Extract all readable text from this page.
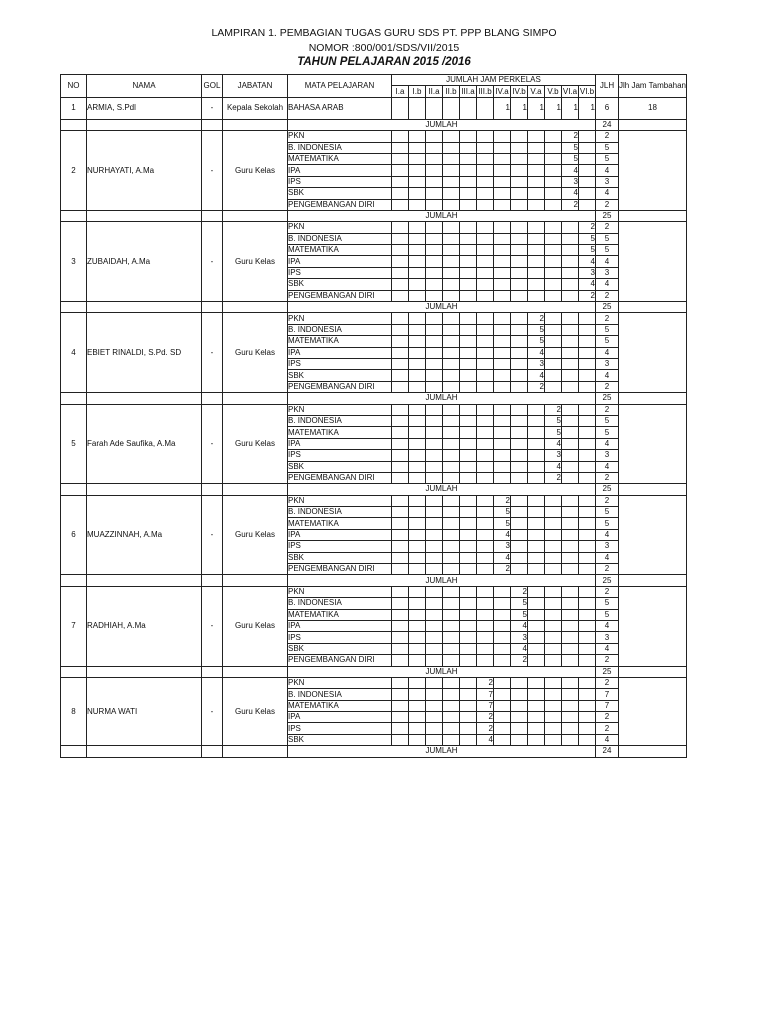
LAMPIRAN 1. PEMBAGIAN TUGAS GURU SDS PT. PPP BLANG SIMPO
NOMOR :800/001/SDS/VII/2015
TAHUN PELAJARAN 2015 /2016
NO	NAMA	GOL	JABATAN	MATA PELAJARAN	JUMLAH JAM PERKELAS												JLH	Jlh Jam Tambahan
					I.a	I.b	II.a	II.b	III.a	III.b	IV.a	IV.b	V.a	V.b	VI.a	VI.b		
1	ARMIA, S.Pdl	-	Kepala Sekolah	BAHASA ARAB							1	1	1	1	1	1	6	18
				JUMLAH													24	
2	NURHAYATI, A.Ma	-	Guru Kelas	PKN											2		2	
				B. INDONESIA											5		5	
				MATEMATIKA											5		5	
				IPA											4		4	
				IPS											3		3	
				SBK											4		4	
				PENGEMBANGAN DIRI											2		2	
				JUMLAH													25	
3	ZUBAIDAH, A.Ma	-	Guru Kelas	PKN												2	2	
				B. INDONESIA												5	5	
				MATEMATIKA												5	5	
				IPA												4	4	
				IPS												3	3	
				SBK												4	4	
				PENGEMBANGAN DIRI												2	2	
				JUMLAH													25	
4	EBIET RINALDI, S.Pd. SD	-	Guru Kelas	PKN									2				2	
				B. INDONESIA									5				5	
				MATEMATIKA									5				5	
				IPA									4				4	
				IPS									3				3	
				SBK									4				4	
				PENGEMBANGAN DIRI									2				2	
				JUMLAH													25	
5	Farah Ade Saufika, A.Ma	-	Guru Kelas	PKN										2			2	
				B. INDONESIA										5			5	
				MATEMATIKA										5			5	
				IPA										4			4	
				IPS										3			3	
				SBK										4			4	
				PENGEMBANGAN DIRI										2			2	
				JUMLAH													25	
6	MUAZZINNAH, A.Ma	-	Guru Kelas	PKN							2						2	
				B. INDONESIA							5						5	
				MATEMATIKA							5						5	
				IPA							4						4	
				IPS							3						3	
				SBK							4						4	
				PENGEMBANGAN DIRI							2						2	
				JUMLAH													25	
7	RADHIAH, A.Ma	-	Guru Kelas	PKN								2					2	
				B. INDONESIA								5					5	
				MATEMATIKA								5					5	
				IPA								4					4	
				IPS								3					3	
				SBK								4					4	
				PENGEMBANGAN DIRI								2					2	
				JUMLAH													25	
8	NURMA WATI	-	Guru Kelas	PKN						2							2	
				B. INDONESIA						7							7	
				MATEMATIKA						7							7	
				IPA						2							2	
				IPS						2							2	
				SBK						4							4	
				JUMLAH													24	
